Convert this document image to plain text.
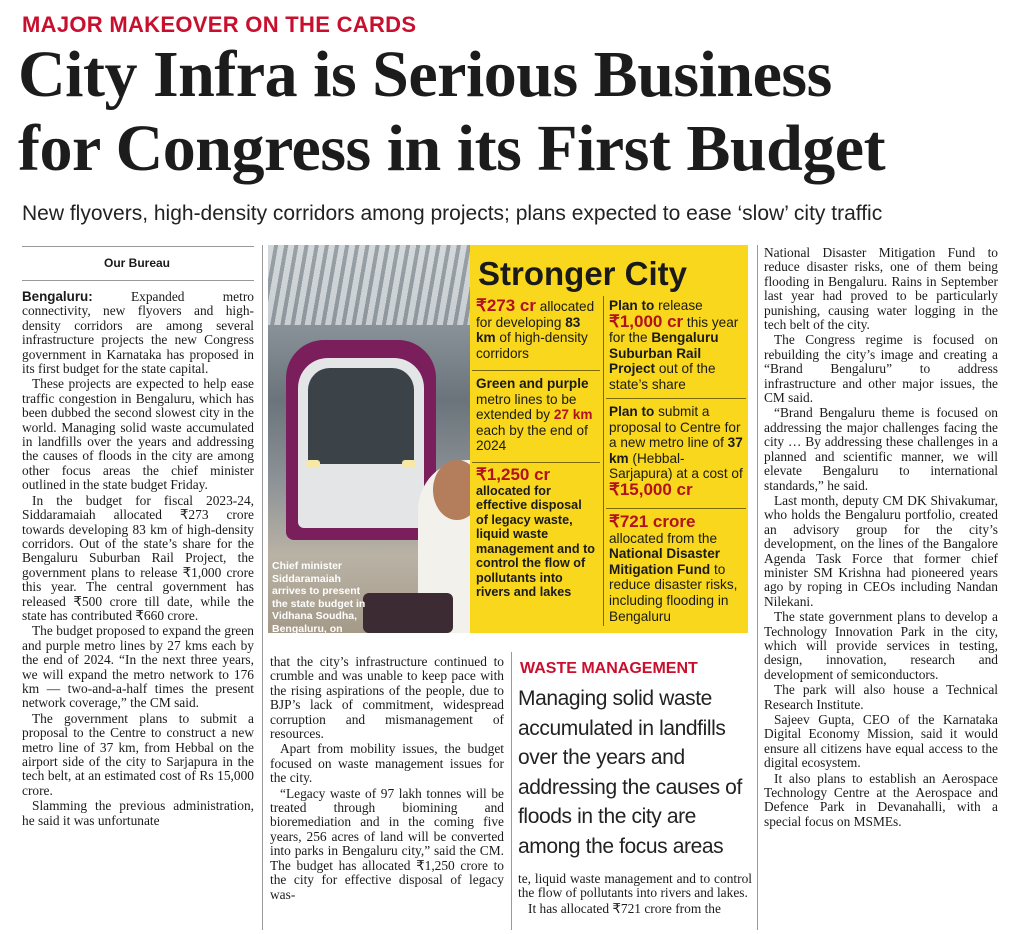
MAJOR MAKEOVER ON THE CARDS
City Infra is Serious Business
for Congress in its First Budget
New flyovers, high-density corridors among projects; plans expected to ease ‘slow’ city traffic
Our Bureau

Bengaluru:	Expanded metro connectivity, new flyovers and high-density corridors are among several infrastructure projects the new Congress government in Karnataka has proposed in its first budget for the state capital.

These projects are expected to help ease traffic congestion in Bengaluru, which has been dubbed the second slowest city in the world. Managing solid waste accumulated in landfills over the years and addressing the causes of floods in the city are among other focus areas the chief minister outlined in the state budget Friday.

In the budget for fiscal 2023-24, Siddaramaiah allocated ₹273 crore towards developing 83 km of high-density corridors. Out of the state’s share for the Bengaluru Suburban Rail Project, the government plans to release ₹1,000 crore this year. The central government has released ₹500 crore till date, while the state has contributed ₹660 crore.

The budget proposed to expand the green and purple metro lines by 27 kms each by the end of 2024. “In the next three years, we will expand the metro network to 176 km — two-and-a-half times the present network coverage,” the CM said.

The government plans to submit a proposal to the Centre to construct a new metro line of 37 km, from Hebbal on the airport side of the city to Sarjapura in the tech belt, at an estimated cost of Rs 15,000 crore.

Slamming the previous administration, he said it was unfortunate

Chief minister Siddaramaiah arrives to present the state budget in Vidhana Soudha, Bengaluru, on Friday. –ET Photo
Stronger City
₹273 cr allocated for developing 83 km of high-density corridors
Green and purple metro lines to be extended by 27 km each by the end of 2024
₹1,250 cr allocated for effective disposal of legacy waste, liquid waste management and to control the flow of pollutants into rivers and lakes
Plan to release ₹1,000 cr this year for the Bengaluru Suburban Rail Project out of the state’s share
Plan to submit a proposal to Centre for a new metro line of 37 km (Hebbal-Sarjapura) at a cost of ₹15,000 cr
₹721 crore allocated from the National Disaster Mitigation Fund to reduce disaster risks, including flooding in Bengaluru

that the city’s infrastructure continued to crumble and was unable to keep pace with the rising aspirations of the people, due to BJP’s lack of commitment, widespread corruption and mismanagement of resources.

Apart from mobility issues, the budget focused on waste management issues for the city.

“Legacy waste of 97 lakh tonnes will be treated through biomining and bioremediation and in the coming five years, 256 acres of land will be converted into parks in Bengaluru city,” said the CM. The budget has allocated ₹1,250 crore to the city for effective disposal of legacy was-

WASTE MANAGEMENT
Managing solid waste accumulated in landfills over the years and addressing the causes of floods in the city are among the focus areas

te, liquid waste management and to control the flow of pollutants into rivers and lakes.

It has allocated ₹721 crore from the

National Disaster Mitigation Fund to reduce disaster risks, one of them being flooding in Bengaluru. Rains in September last year had proved to be particularly punishing, causing water logging in the tech belt of the city.

The Congress regime is focused on rebuilding the city’s image and creating a “Brand Bengaluru” to address infrastructure and other major issues, the CM said.

“Brand Bengaluru theme is focused on addressing the major challenges facing the city … By addressing these challenges in a planned and scientific manner, we will elevate Bengaluru to international standards,” he said.

Last month, deputy CM DK Shivakumar, who holds the Bengaluru portfolio, created an advisory group for the city’s development, on the lines of the Bangalore Agenda Task Force that former chief minister SM Krishna had pioneered years ago by roping in CEOs including Nandan Nilekani.

The state government plans to develop a Technology Innovation Park in the city, which will provide services in testing, design, innovation, research and development of semiconductors.

The park will also house a Technical Research Institute.

Sajeev Gupta, CEO of the Karnataka Digital Economy Mission, said it would ensure all citizens have equal access to the digital ecosystem.

It also plans to establish an Aerospace Technology Centre at the Aerospace and Defence Park in Devanahalli, with a special focus on MSMEs.
